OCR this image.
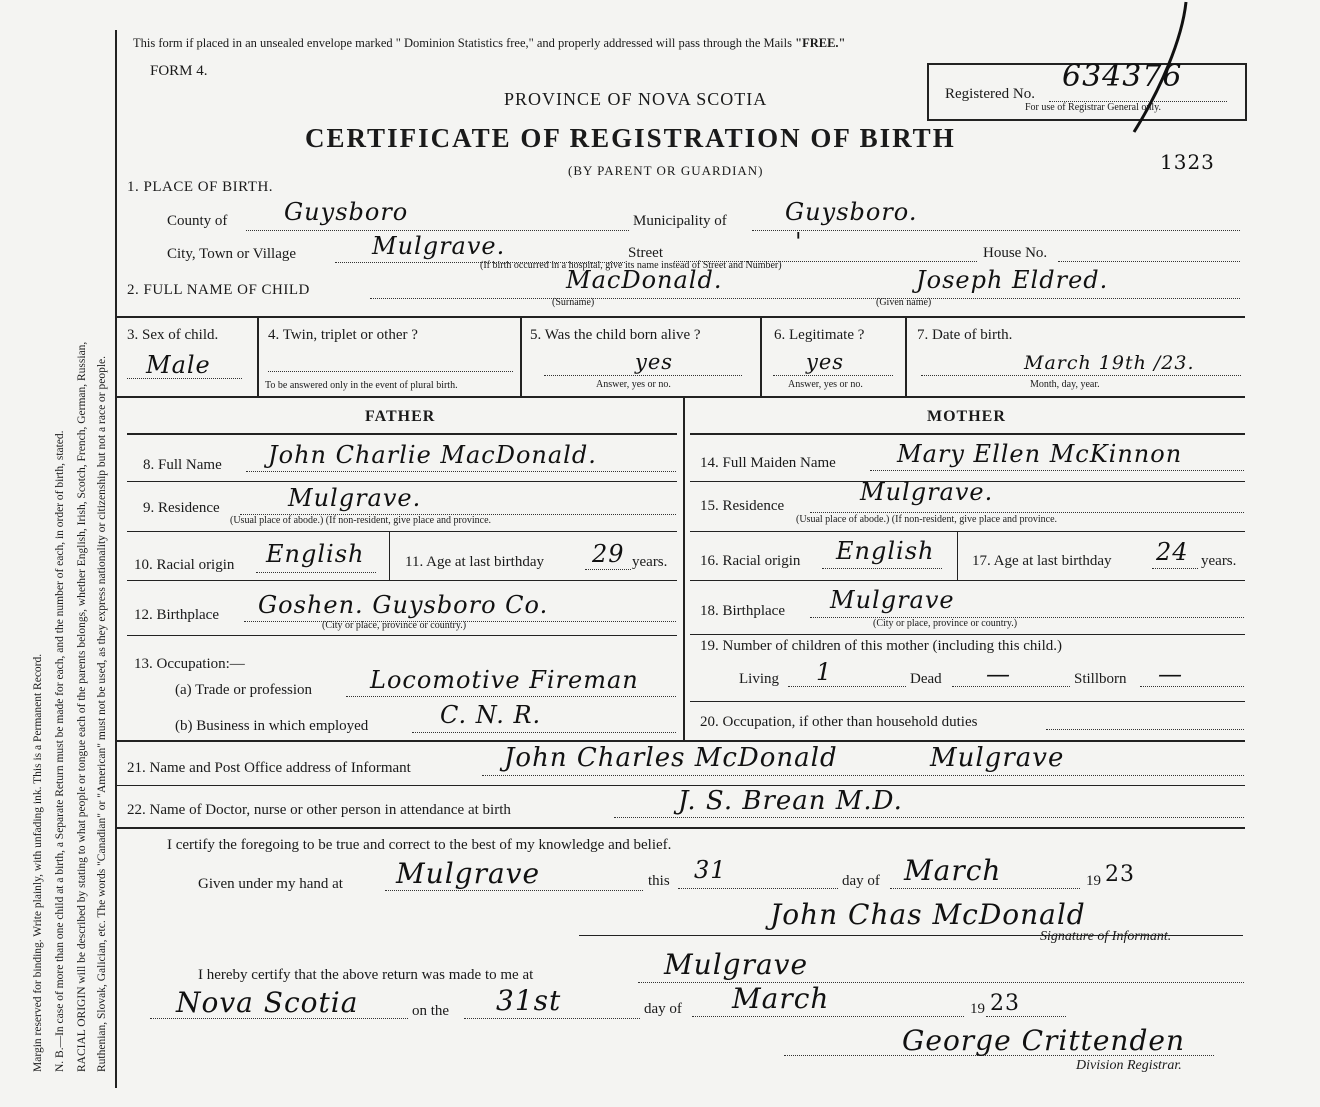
Margin reserved for binding. Write plainly, with unfading ink. This is a Permanent Record. N. B.—In case of more than one child at a birth, a Separate Return must be made for each, and the number of each, in order of birth, stated. RACIAL ORIGIN will be described by stating to what people or tongue each of the parents belongs, whether English, Irish, Scotch, French, German, Russian, Ruthenian, Slovak, Galician, etc. The words "Canadian" or "American" must not be used, as they express nationality or citizenship but not a race or people.
This form if placed in an unsealed envelope marked " Dominion Statistics free," and properly addressed will pass through the Mails "FREE."
FORM 4.
PROVINCE OF NOVA SCOTIA
CERTIFICATE OF REGISTRATION OF BIRTH
(BY PARENT OR GUARDIAN)
Registered No. 634376
For use of Registrar General only.
1323
1. PLACE OF BIRTH.
County of Guysboro	Municipality of Guysboro.
City, Town or Village	Mulgrave.	Street	'	House No.
(If birth occurred in a hospital, give its name instead of Street and Number)
2. FULL NAME OF CHILD	MacDonald.	Joseph Eldred.
(Surname)	(Given name)
3. Sex of child.
Male
4. Twin, triplet or other ?
To be answered only in the event of plural birth.
5. Was the child born alive ?
yes
Answer, yes or no.
6. Legitimate ?
yes
Answer, yes or no.
7. Date of birth.
March 19th /23.
Month, day, year.
FATHER	MOTHER
8. Full Name John Charlie MacDonald.
9. Residence	Mulgrave.
(Usual place of abode.) (If non-resident, give place and province.
10. Racial origin English	11. Age at last birthday 29 years.
12. Birthplace Goshen. Guysboro Co.
(City or place, province or country.)
13. Occupation:—
(a) Trade or profession Locomotive Fireman
(b) Business in which employed	C. N. R.
14. Full Maiden Name	Mary Ellen McKinnon
15. Residence	Mulgrave.
(Usual place of abode.) (If non-resident, give place and province.
16. Racial origin English	17. Age at last birthday 24 years.
18. Birthplace Mulgrave
(City or place, province or country.)
19. Number of children of this mother (including this child.)
Living 1	Dead —	Stillborn —
20. Occupation, if other than household duties
21. Name and Post Office address of Informant	John Charles McDonald	Mulgrave
22. Name of Doctor, nurse or other person in attendance at birth	J. S. Brean M.D.
I certify the foregoing to be true and correct to the best of my knowledge and belief.
Given under my hand at Mulgrave	this 31	day of March	19 23
John Chas McDonald
Signature of Informant.
I hereby certify that the above return was made to me at	Mulgrave
Nova Scotia	on the 31st	day of March	19 23
George Crittenden
Division Registrar.
